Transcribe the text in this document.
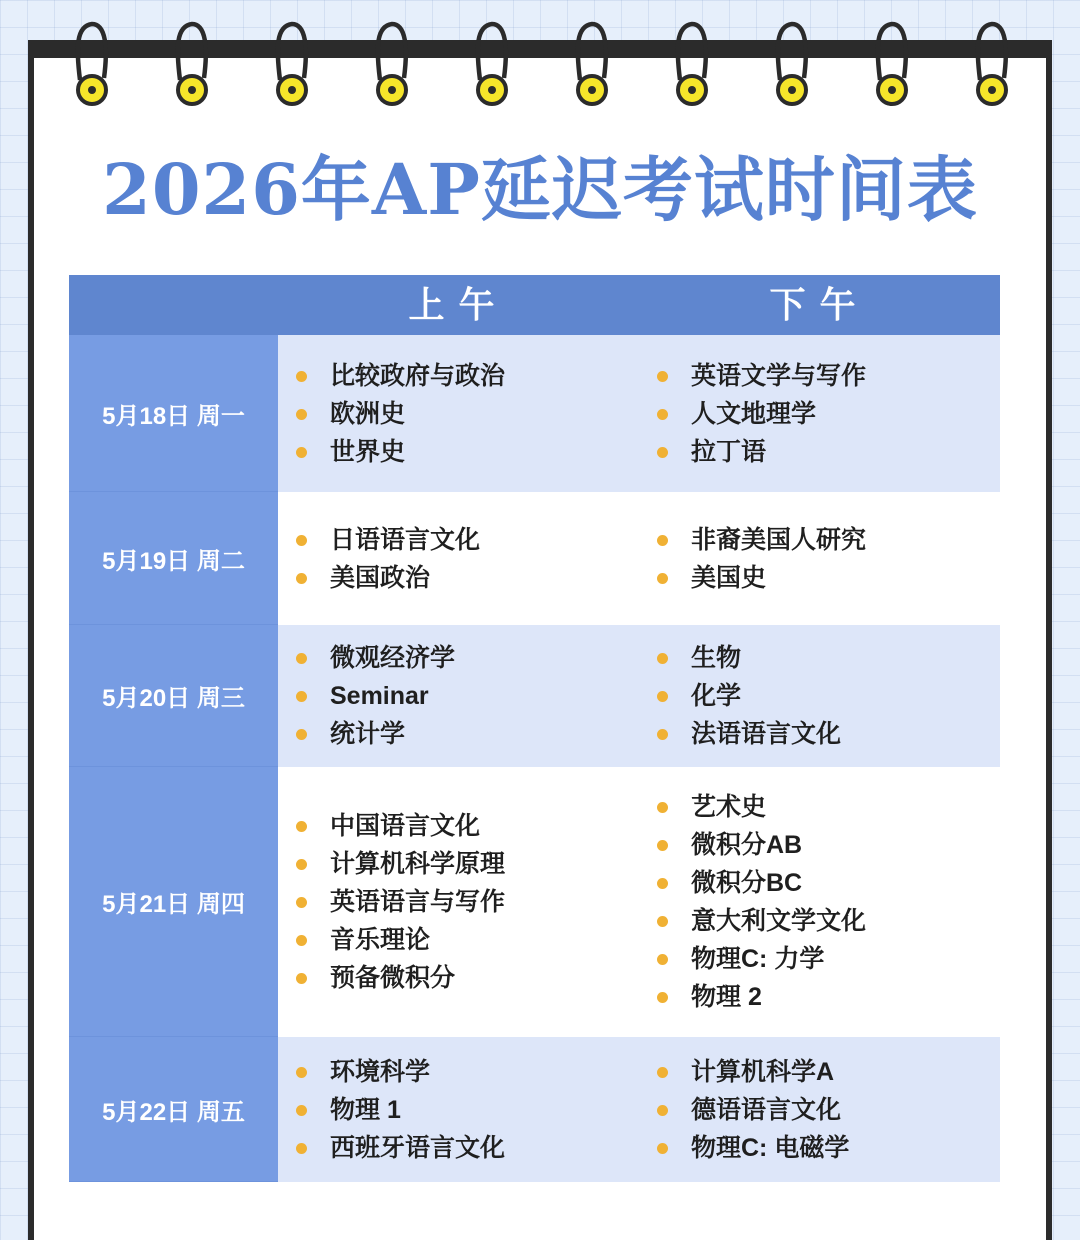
2026年AP延迟考试时间表
上午	下午
5月18日 周一
比较政府与政治
欧洲史
世界史
英语文学与写作
人文地理学
拉丁语
5月19日 周二
日语语言文化
美国政治
非裔美国人研究
美国史
5月20日 周三
微观经济学
Seminar
统计学
生物
化学
法语语言文化
5月21日 周四
中国语言文化
计算机科学原理
英语语言与写作
音乐理论
预备微积分
艺术史
微积分AB
微积分BC
意大利文学文化
物理C: 力学
物理 2
5月22日 周五
环境科学
物理 1
西班牙语言文化
计算机科学A
德语语言文化
物理C: 电磁学
